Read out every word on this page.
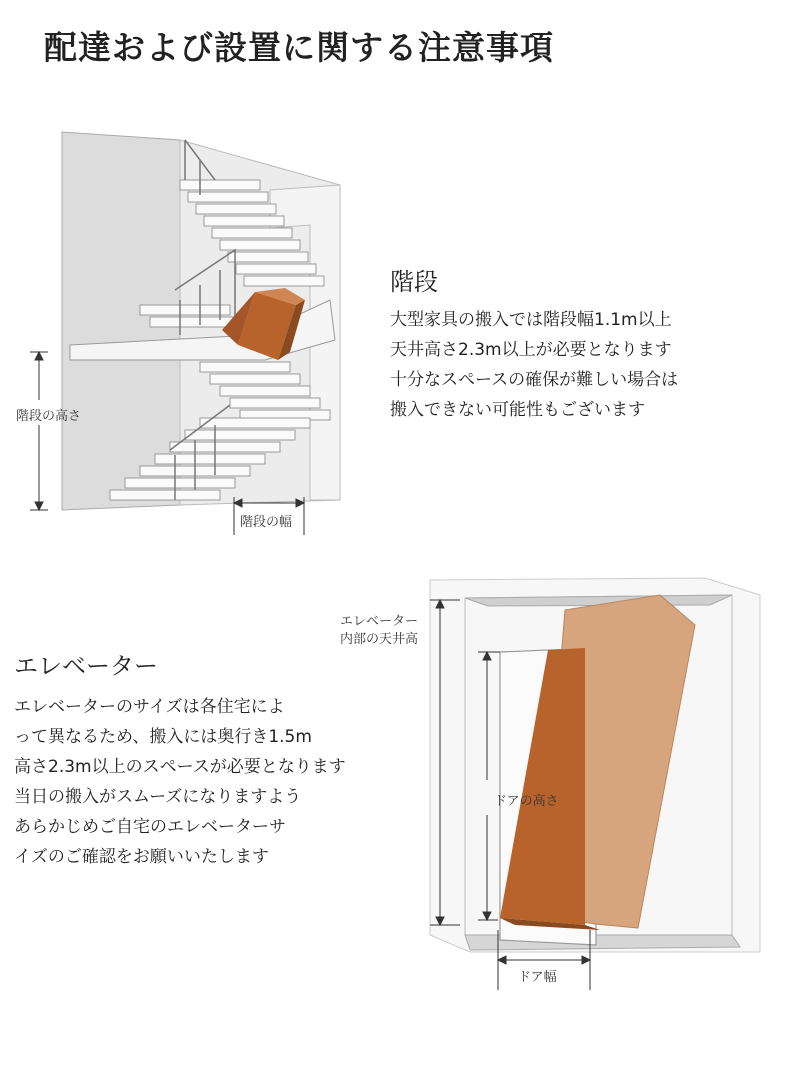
配達および設置に関する注意事項
階段
大型家具の搬入では階段幅1.1m以上
天井高さ2.3m以上が必要となります
十分なスペースの確保が難しい場合は
搬入できない可能性もございます
階段の高さ
階段の幅
エレベーター
エレベーターのサイズは各住宅によ
って異なるため、搬入には奥行き1.5m
高さ2.3m以上のスペースが必要となります
当日の搬入がスムーズになりますよう
あらかじめご自宅のエレベーターサ
イズのご確認をお願いいたします
エレベーター
内部の天井高
ドアの高さ
ドア幅
